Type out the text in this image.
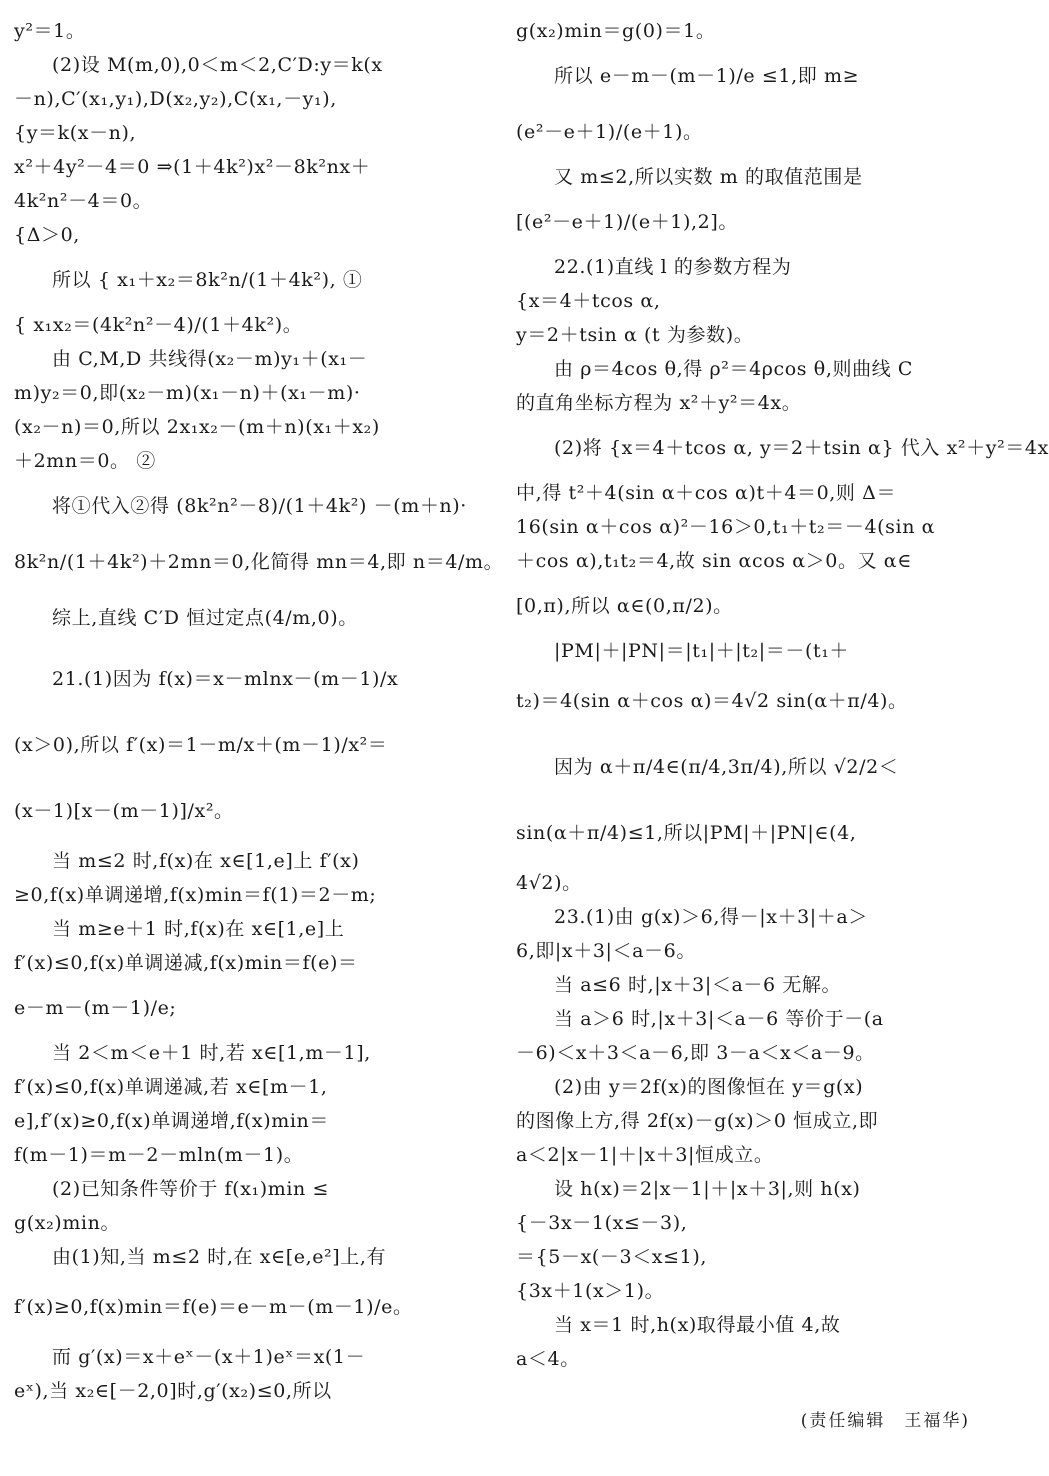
y²＝1。
(2)设 M(m,0),0＜m＜2,C′D:y＝k(x
－n),C′(x₁,y₁),D(x₂,y₂),C(x₁,－y₁),
{y＝k(x－n),
x²＋4y²－4＝0 ⇒(1＋4k²)x²－8k²nx＋
4k²n²－4＝0。
{Δ＞0,
所以 { x₁＋x₂＝8k²n/(1＋4k²), ①
{ x₁x₂＝(4k²n²－4)/(1＋4k²)。
由 C,M,D 共线得(x₂－m)y₁＋(x₁－
m)y₂＝0,即(x₂－m)(x₁－n)＋(x₁－m)·
(x₂－n)＝0,所以 2x₁x₂－(m＋n)(x₁＋x₂)
＋2mn＝0。 ②
将①代入②得 (8k²n²－8)/(1＋4k²) －(m＋n)·
8k²n/(1＋4k²)＋2mn＝0,化简得 mn＝4,即 n＝4/m。
综上,直线 C′D 恒过定点(4/m,0)。
21.(1)因为 f(x)＝x－mlnx－(m－1)/x
(x＞0),所以 f′(x)＝1－m/x＋(m－1)/x²＝
(x－1)[x－(m－1)]/x²。
当 m≤2 时,f(x)在 x∈[1,e]上 f′(x)
≥0,f(x)单调递增,f(x)min＝f(1)＝2－m;
当 m≥e＋1 时,f(x)在 x∈[1,e]上
f′(x)≤0,f(x)单调递减,f(x)min＝f(e)＝
e－m－(m－1)/e;
当 2＜m＜e＋1 时,若 x∈[1,m－1],
f′(x)≤0,f(x)单调递减,若 x∈[m－1,
e],f′(x)≥0,f(x)单调递增,f(x)min＝
f(m－1)＝m－2－mln(m－1)。
(2)已知条件等价于 f(x₁)min ≤
g(x₂)min。
由(1)知,当 m≤2 时,在 x∈[e,e²]上,有
f′(x)≥0,f(x)min＝f(e)＝e－m－(m－1)/e。
而 g′(x)＝x＋eˣ－(x＋1)eˣ＝x(1－
eˣ),当 x₂∈[－2,0]时,g′(x₂)≤0,所以
g(x₂)min＝g(0)＝1。
所以 e－m－(m－1)/e ≤1,即 m≥
(e²－e＋1)/(e＋1)。
又 m≤2,所以实数 m 的取值范围是
[(e²－e＋1)/(e＋1),2]。
22.(1)直线 l 的参数方程为
{x＝4＋tcos α,
y＝2＋tsin α (t 为参数)。
由 ρ＝4cos θ,得 ρ²＝4ρcos θ,则曲线 C
的直角坐标方程为 x²＋y²＝4x。
(2)将 {x＝4＋tcos α, y＝2＋tsin α} 代入 x²＋y²＝4x
中,得 t²＋4(sin α＋cos α)t＋4＝0,则 Δ＝
16(sin α＋cos α)²－16＞0,t₁＋t₂＝－4(sin α
＋cos α),t₁t₂＝4,故 sin αcos α＞0。又 α∈
[0,π),所以 α∈(0,π/2)。
|PM|＋|PN|＝|t₁|＋|t₂|＝－(t₁＋
t₂)＝4(sin α＋cos α)＝4√2 sin(α＋π/4)。
因为 α＋π/4∈(π/4,3π/4),所以 √2/2＜
sin(α＋π/4)≤1,所以|PM|＋|PN|∈(4,
4√2)。
23.(1)由 g(x)＞6,得－|x＋3|＋a＞
6,即|x＋3|＜a－6。
当 a≤6 时,|x＋3|＜a－6 无解。
当 a＞6 时,|x＋3|＜a－6 等价于－(a
－6)＜x＋3＜a－6,即 3－a＜x＜a－9。
(2)由 y＝2f(x)的图像恒在 y＝g(x)
的图像上方,得 2f(x)－g(x)＞0 恒成立,即
a＜2|x－1|＋|x＋3|恒成立。
设 h(x)＝2|x－1|＋|x＋3|,则 h(x)
{－3x－1(x≤－3),
＝{5－x(－3＜x≤1),
{3x＋1(x＞1)。
当 x＝1 时,h(x)取得最小值 4,故
a＜4。
(责任编辑　王福华)
